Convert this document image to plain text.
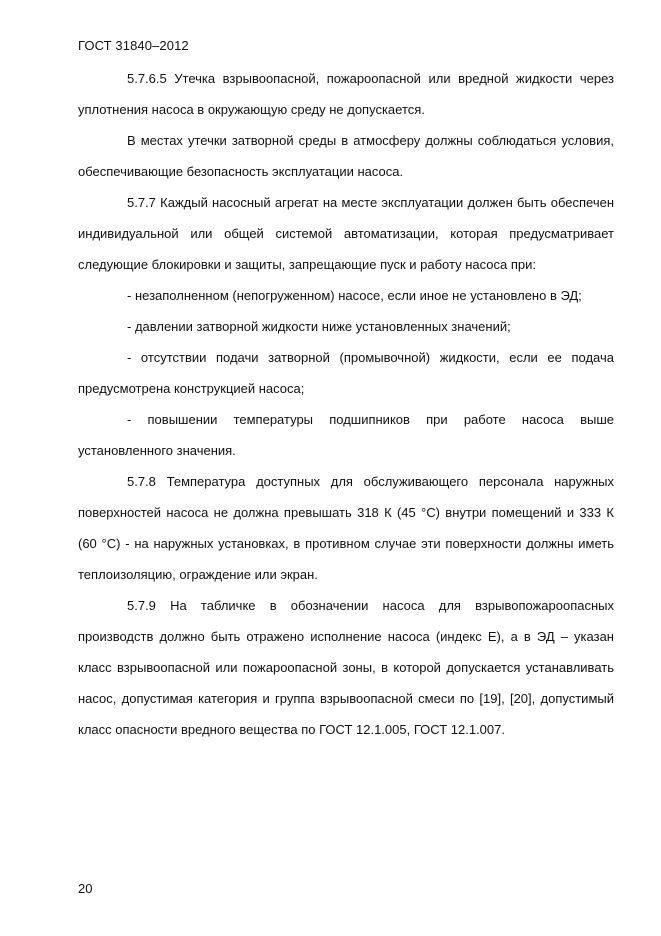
ГОСТ 31840–2012

5.7.6.5 Утечка взрывоопасной, пожароопасной или вредной жидкости через уплотнения насоса в окружающую среду не допускается.

В местах утечки затворной среды в атмосферу должны соблюдаться условия, обеспечивающие безопасность эксплуатации насоса.

5.7.7 Каждый насосный агрегат на месте эксплуатации должен быть обеспечен индивидуальной или общей системой автоматизации, которая предусматривает следующие блокировки и защиты, запрещающие пуск и работу насоса при:

- незаполненном (непогруженном) насосе, если иное не установлено в ЭД;

- давлении затворной жидкости ниже установленных значений;

- отсутствии подачи затворной (промывочной) жидкости, если ее подача предусмотрена конструкцией насоса;

- повышении температуры подшипников при работе насоса выше установленного значения.

5.7.8 Температура доступных для обслуживающего персонала наружных поверхностей насоса не должна превышать 318 К (45 °С) внутри помещений и 333 К (60 °С) - на наружных установках, в противном случае эти поверхности должны иметь теплоизоляцию, ограждение или экран.

5.7.9 На табличке в обозначении насоса для взрывопожароопасных производств должно быть отражено исполнение насоса (индекс Е), а в ЭД – указан класс взрывоопасной или пожароопасной зоны, в которой допускается устанавливать насос, допустимая категория и группа взрывоопасной смеси по [19], [20], допустимый класс опасности вредного вещества по ГОСТ 12.1.005, ГОСТ 12.1.007.

20
